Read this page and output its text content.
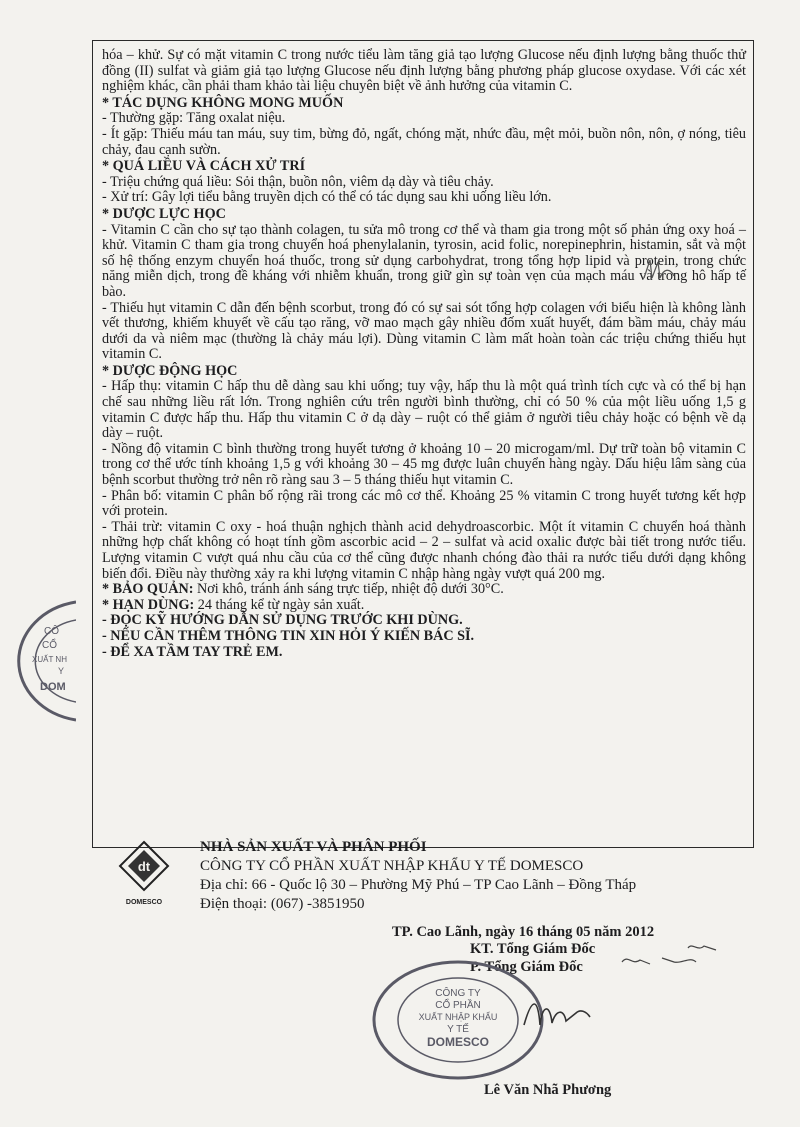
hóa – khử. Sự có mặt vitamin C trong nước tiểu làm tăng giả tạo lượng Glucose nếu định lượng bằng thuốc thử đồng (II) sulfat và giảm giả tạo lượng Glucose nếu định lượng bằng phương pháp glucose oxydase. Với các xét nghiệm khác, cần phải tham khảo tài liệu chuyên biệt về ảnh hưởng của vitamin C.

* TÁC DỤNG KHÔNG MONG MUỐN

- Thường gặp: Tăng oxalat niệu.

- Ít gặp: Thiếu máu tan máu, suy tim, bừng đỏ, ngất, chóng mặt, nhức đầu, mệt mỏi, buồn nôn, nôn, ợ nóng, tiêu chảy, đau cạnh sườn.

* QUÁ LIỀU VÀ CÁCH XỬ TRÍ

- Triệu chứng quá liều: Sỏi thận, buồn nôn, viêm dạ dày và tiêu chảy.

- Xử trí: Gây lợi tiểu bằng truyền dịch có thể có tác dụng sau khi uống liều lớn.

* DƯỢC LỰC HỌC

- Vitamin C cần cho sự tạo thành colagen, tu sửa mô trong cơ thể và tham gia trong một số phản ứng oxy hoá – khử. Vitamin C tham gia trong chuyển hoá phenylalanin, tyrosin, acid folic, norepinephrin, histamin, sắt và một số hệ thống enzym chuyển hoá thuốc, trong sử dụng carbohydrat, trong tổng hợp lipid và protein, trong chức năng miễn dịch, trong đề kháng với nhiễm khuẩn, trong giữ gìn sự toàn vẹn của mạch máu và trong hô hấp tế bào.

- Thiếu hụt vitamin C dẫn đến bệnh scorbut, trong đó có sự sai sót tổng hợp colagen với biểu hiện là không lành vết thương, khiếm khuyết về cấu tạo răng, vỡ mao mạch gây nhiều đốm xuất huyết, đám bầm máu, chảy máu dưới da và niêm mạc (thường là chảy máu lợi). Dùng vitamin C làm mất hoàn toàn các triệu chứng thiếu hụt vitamin C.

* DƯỢC ĐỘNG HỌC

- Hấp thụ: vitamin C hấp thu dễ dàng sau khi uống; tuy vậy, hấp thu là một quá trình tích cực và có thể bị hạn chế sau những liều rất lớn. Trong nghiên cứu trên người bình thường, chỉ có 50 % của một liều uống 1,5 g vitamin C được hấp thu. Hấp thu vitamin C ở dạ dày – ruột có thể giảm ở người tiêu chảy hoặc có bệnh về dạ dày – ruột.

- Nồng độ vitamin C bình thường trong huyết tương ở khoảng 10 – 20 microgam/ml. Dự trữ toàn bộ vitamin C trong cơ thể ước tính khoảng 1,5 g với khoảng 30 – 45 mg được luân chuyển hàng ngày. Dấu hiệu lâm sàng của bệnh scorbut thường trở nên rõ ràng sau 3 – 5 tháng thiếu hụt vitamin C.

- Phân bố: vitamin C phân bố rộng rãi trong các mô cơ thể. Khoảng 25 % vitamin C trong huyết tương kết hợp với protein.

- Thải trừ: vitamin C oxy - hoá thuận nghịch thành acid dehydroascorbic. Một ít vitamin C chuyển hoá thành những hợp chất không có hoạt tính gồm ascorbic acid – 2 – sulfat và acid oxalic được bài tiết trong nước tiểu. Lượng vitamin C vượt quá nhu cầu của cơ thể cũng được nhanh chóng đào thải ra nước tiểu dưới dạng không biến đổi. Điều này thường xảy ra khi lượng vitamin C nhập hàng ngày vượt quá 200 mg.

* BẢO QUẢN: Nơi khô, tránh ánh sáng trực tiếp, nhiệt độ dưới 30°C.

* HẠN DÙNG: 24 tháng kể từ ngày sản xuất.

- ĐỌC KỸ HƯỚNG DẪN SỬ DỤNG TRƯỚC KHI DÙNG.

- NẾU CẦN THÊM THÔNG TIN XIN HỎI Ý KIẾN BÁC SĨ.

- ĐỂ XA TẦM TAY TRẺ EM.

dt
DOMESCO
NHÀ SẢN XUẤT VÀ PHÂN PHỐI
CÔNG TY CỔ PHẦN XUẤT NHẬP KHẨU Y TẾ DOMESCO
Địa chỉ: 66 - Quốc lộ 30 – Phường Mỹ Phú – TP Cao Lãnh – Đồng Tháp
Điện thoại: (067) -3851950
TP. Cao Lãnh, ngày 16 tháng 05 năm 2012
KT. Tổng Giám Đốc
P. Tổng Giám Đốc
Lê Văn Nhã Phương
CÔNG TY
CỔ PHẦN
XUẤT NHẬP KHẨU
Y TẾ
DOMESCO
CÔ
CỔ
XUẤT NH
Y
DOM
